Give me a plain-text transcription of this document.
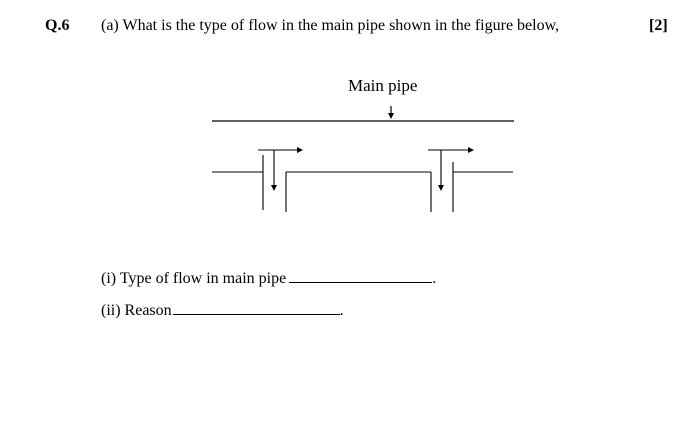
Q.6 (a) What is the type of flow in the main pipe shown in the figure below,	[2]
Main pipe
(i) Type of flow in main pipe	.
(ii) Reason	.
